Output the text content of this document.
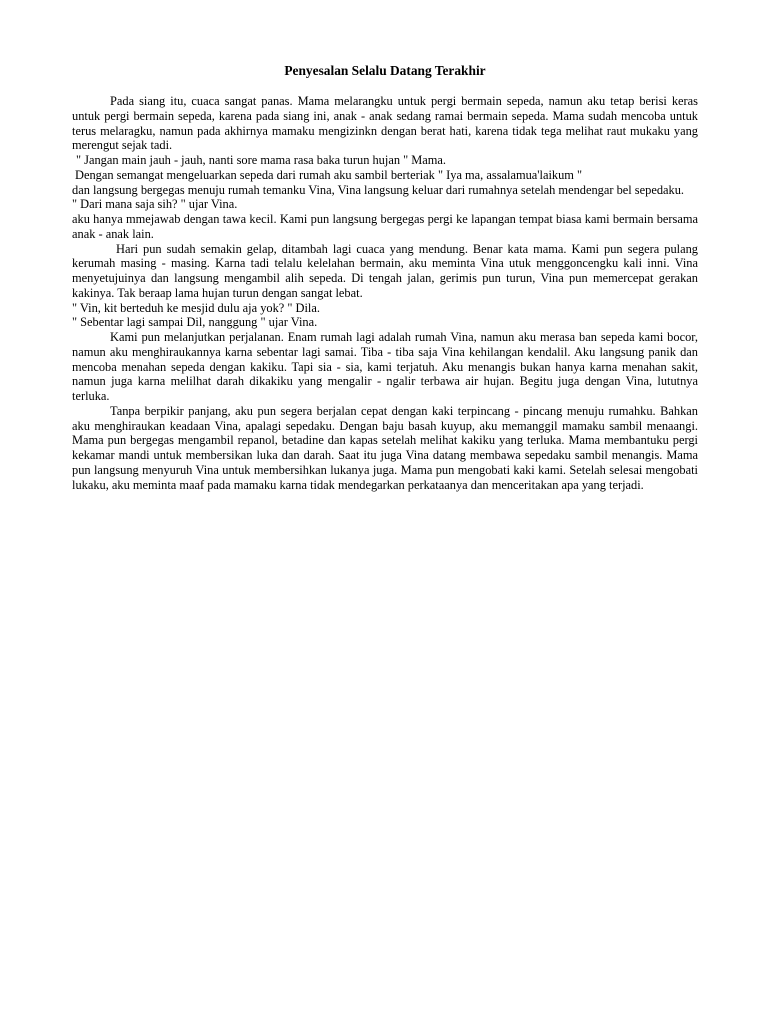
Penyesalan Selalu Datang Terakhir

Pada siang itu, cuaca sangat panas. Mama melarangku untuk pergi bermain sepeda, namun aku tetap berisi keras untuk pergi bermain sepeda, karena pada siang ini, anak - anak sedang ramai bermain sepeda. Mama sudah mencoba untuk terus melaragku, namun pada akhirnya mamaku mengizinkn dengan berat hati, karena tidak tega melihat raut mukaku yang merengut sejak tadi.

" Jangan main jauh - jauh, nanti sore mama rasa baka turun hujan " Mama.

Dengan semangat mengeluarkan sepeda dari rumah aku sambil berteriak " Iya ma, assalamua'laikum "

dan langsung bergegas menuju rumah temanku Vina, Vina langsung keluar dari rumahnya setelah mendengar bel sepedaku.

" Dari mana saja sih? " ujar Vina.

aku hanya mmejawab dengan tawa kecil. Kami pun langsung bergegas pergi ke lapangan tempat biasa kami bermain bersama anak - anak lain.

Hari pun sudah semakin gelap, ditambah lagi cuaca yang mendung. Benar kata mama. Kami pun segera pulang kerumah masing - masing. Karna tadi telalu kelelahan bermain, aku meminta Vina utuk menggoncengku kali inni. Vina menyetujuinya dan langsung mengambil alih sepeda. Di tengah jalan, gerimis pun turun, Vina pun memercepat gerakan kakinya. Tak beraap lama hujan turun dengan sangat lebat.

" Vin, kit berteduh ke mesjid dulu aja yok? " Dila.

" Sebentar lagi sampai Dil, nanggung " ujar Vina.

Kami pun melanjutkan perjalanan. Enam rumah lagi adalah rumah Vina, namun aku merasa ban sepeda kami bocor, namun aku menghiraukannya karna sebentar lagi samai. Tiba - tiba saja Vina kehilangan kendalil. Aku langsung panik dan mencoba menahan sepeda dengan kakiku. Tapi sia - sia, kami terjatuh. Aku menangis bukan hanya karna menahan sakit, namun juga karna melilhat darah dikakiku yang mengalir - ngalir terbawa air hujan. Begitu juga dengan Vina, lututnya terluka.

Tanpa berpikir panjang, aku pun segera berjalan cepat dengan kaki terpincang - pincang menuju rumahku. Bahkan aku menghiraukan keadaan Vina, apalagi sepedaku. Dengan baju basah kuyup, aku memanggil mamaku sambil menaangi. Mama pun bergegas mengambil repanol, betadine dan kapas setelah melihat kakiku yang terluka. Mama membantuku pergi kekamar mandi untuk membersikan luka dan darah. Saat itu juga Vina datang membawa sepedaku sambil menangis. Mama pun langsung menyuruh Vina untuk membersihkan lukanya juga. Mama pun mengobati kaki kami. Setelah selesai mengobati lukaku, aku meminta maaf pada mamaku karna tidak mendegarkan perkataanya dan menceritakan apa yang terjadi.
